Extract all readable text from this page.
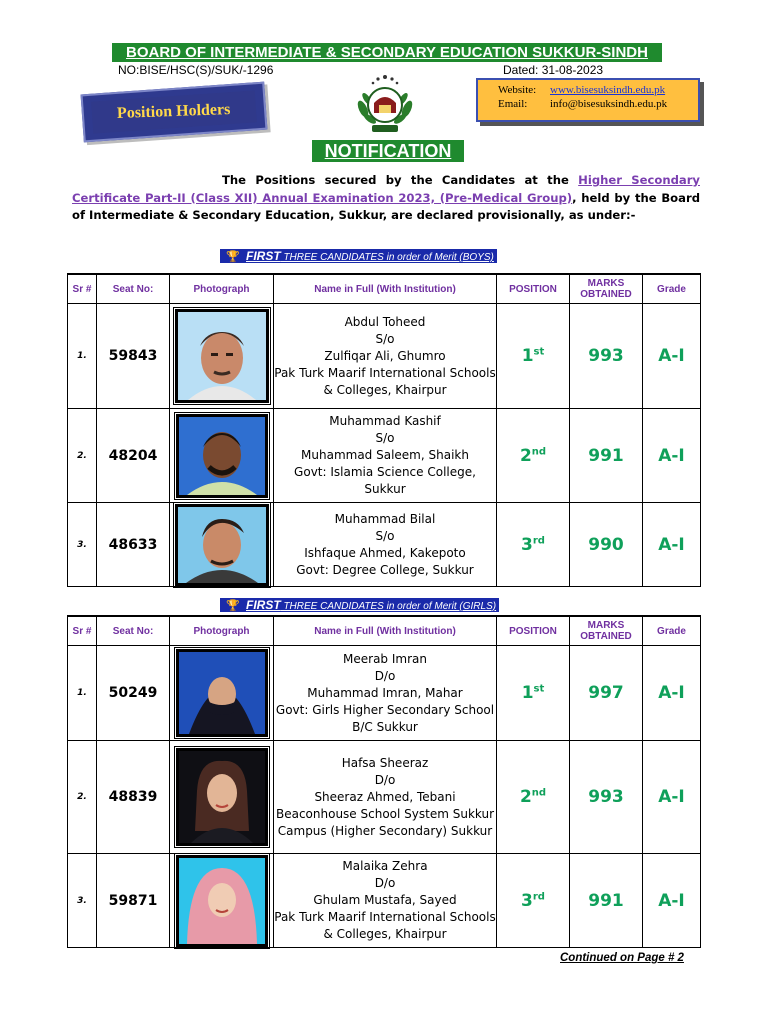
BOARD OF INTERMEDIATE & SECONDARY EDUCATION SUKKUR-SINDH
NO:BISE/HSC(S)/SUK/-1296	Dated: 31-08-2023
Position Holders
Website: www.bisesuksindh.edu.pk
Email: info@bisesuksindh.edu.pk
NOTIFICATION
The Positions secured by the Candidates at the Higher Secondary Certificate Part-II (Class XII) Annual Examination 2023, (Pre-Medical Group), held by the Board of Intermediate & Secondary Education, Sukkur, are declared provisionally, as under:-
🏆 FIRST THREE CANDIDATES in order of Merit (BOYS)
Sr #	Seat No:	Photograph	Name in Full (With Institution)	POSITION	MARKS OBTAINED	Grade
1.	59843		Abdul Toheed
S/o
Zulfiqar Ali, Ghumro
Pak Turk Maarif International Schools & Colleges, Khairpur	1st	993	A-I
2.	48204		Muhammad Kashif
S/o
Muhammad Saleem, Shaikh
Govt: Islamia Science College, Sukkur	2nd	991	A-I
3.	48633		Muhammad Bilal
S/o
Ishfaque Ahmed, Kakepoto
Govt: Degree College, Sukkur	3rd	990	A-I
🏆 FIRST THREE CANDIDATES in order of Merit (GIRLS)
Sr #	Seat No:	Photograph	Name in Full (With Institution)	POSITION	MARKS OBTAINED	Grade
1.	50249		Meerab Imran
D/o
Muhammad Imran, Mahar
Govt: Girls Higher Secondary School B/C Sukkur	1st	997	A-I
2.	48839		Hafsa Sheeraz
D/o
Sheeraz Ahmed, Tebani
Beaconhouse School System Sukkur Campus (Higher Secondary) Sukkur	2nd	993	A-I
3.	59871		Malaika Zehra
D/o
Ghulam Mustafa, Sayed
Pak Turk Maarif International Schools & Colleges, Khairpur	3rd	991	A-I
Continued on Page # 2
